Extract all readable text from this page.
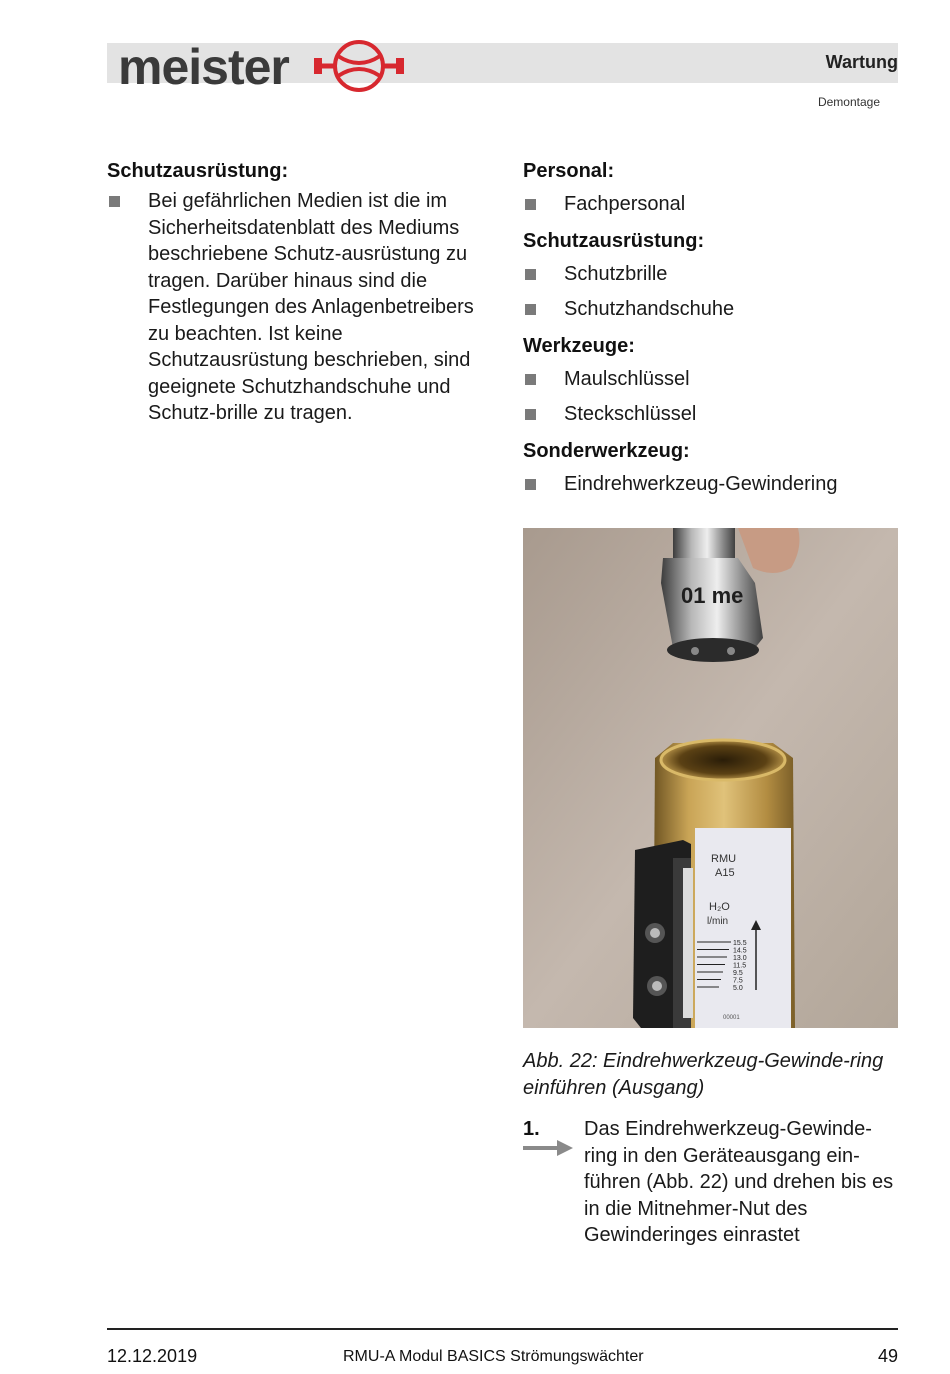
meister	Wartung
Demontage
Schutzausrüstung:
Bei gefährlichen Medien ist die im Sicherheitsdatenblatt des Mediums beschriebene Schutz-ausrüstung zu tragen. Darüber hinaus sind die Festlegungen des Anlagenbetreibers zu beachten. Ist keine Schutzausrüstung beschrieben, sind geeignete Schutzhandschuhe und Schutz-brille zu tragen.
Personal:
Fachpersonal
Schutzausrüstung:
Schutzbrille
Schutzhandschuhe
Werkzeuge:
Maulschlüssel
Steckschlüssel
Sonderwerkzeug:
Eindrehwerkzeug-Gewindering
01 me
RMU
A15
H₂O
l/min
15.5
14.5
13.0
11.5
9.5
7.5
5.0
00001
Abb. 22: Eindrehwerkzeug-Gewinde-ring einführen (Ausgang)
1. Das Eindrehwerkzeug-Gewinde-ring in den Geräteausgang ein-führen (Abb. 22) und drehen bis es in die Mitnehmer-Nut des Gewinderinges einrastet
12.12.2019	RMU-A Modul BASICS Strömungswächter	49
